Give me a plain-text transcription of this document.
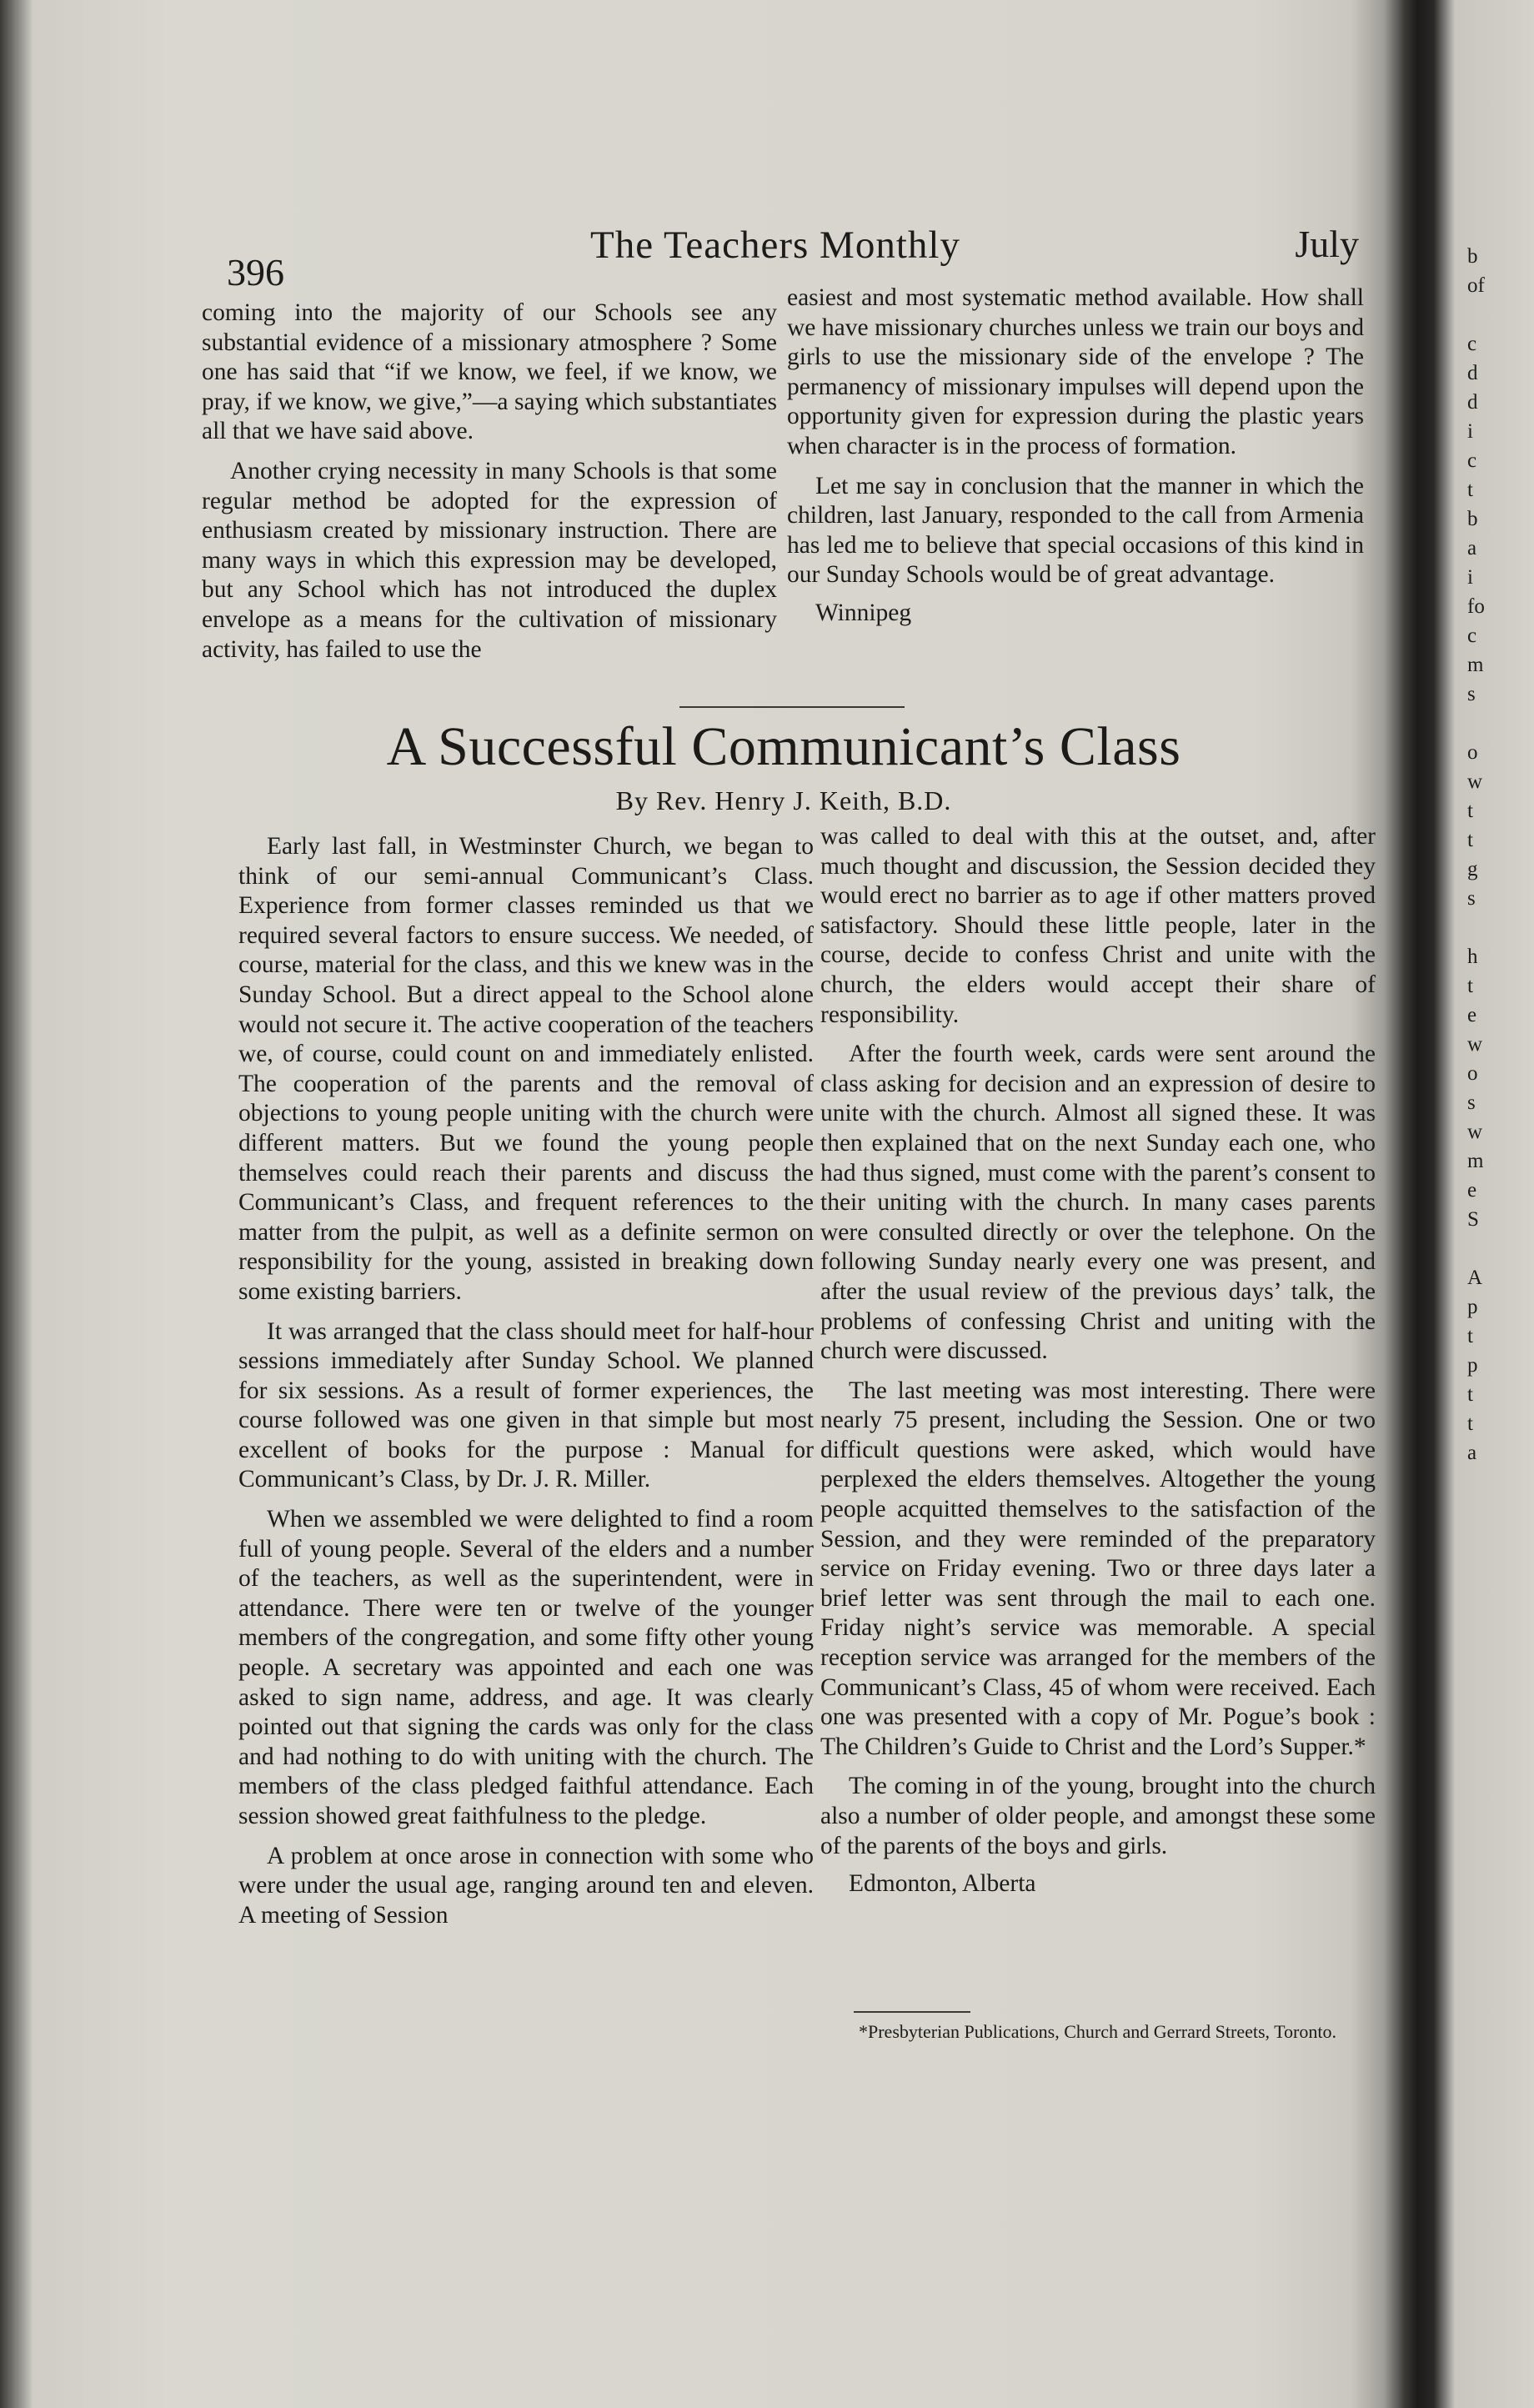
396
The Teachers Monthly	July

coming into the majority of our Schools see any substantial evidence of a missionary atmosphere ? Some one has said that “if we know, we feel, if we know, we pray, if we know, we give,”—a saying which substantiates all that we have said above.

Another crying necessity in many Schools is that some regular method be adopted for the expression of enthusiasm created by missionary instruction. There are many ways in which this expression may be developed, but any School which has not introduced the duplex envelope as a means for the cultivation of missionary activity, has failed to use the

easiest and most systematic method available. How shall we have missionary churches unless we train our boys and girls to use the missionary side of the envelope ? The permanency of missionary impulses will depend upon the opportunity given for expression during the plastic years when character is in the process of formation.

Let me say in conclusion that the manner in which the children, last January, responded to the call from Armenia has led me to believe that special occasions of this kind in our Sunday Schools would be of great advantage.

Winnipeg

A Successful Communicant’s Class
By Rev. Henry J. Keith, B.D.

Early last fall, in Westminster Church, we began to think of our semi-annual Communicant’s Class. Experience from former classes reminded us that we required several factors to ensure success. We needed, of course, material for the class, and this we knew was in the Sunday School. But a direct appeal to the School alone would not secure it. The active cooperation of the teachers we, of course, could count on and immediately enlisted. The cooperation of the parents and the removal of objections to young people uniting with the church were different matters. But we found the young people themselves could reach their parents and discuss the Communicant’s Class, and frequent references to the matter from the pulpit, as well as a definite sermon on responsibility for the young, assisted in breaking down some existing barriers.

It was arranged that the class should meet for half-hour sessions immediately after Sunday School. We planned for six sessions. As a result of former experiences, the course followed was one given in that simple but most excellent of books for the purpose : Manual for Communicant’s Class, by Dr. J. R. Miller.

When we assembled we were delighted to find a room full of young people. Several of the elders and a number of the teachers, as well as the superintendent, were in attendance. There were ten or twelve of the younger members of the congregation, and some fifty other young people. A secretary was appointed and each one was asked to sign name, address, and age. It was clearly pointed out that signing the cards was only for the class and had nothing to do with uniting with the church. The members of the class pledged faithful attendance. Each session showed great faithfulness to the pledge.

A problem at once arose in connection with some who were under the usual age, ranging around ten and eleven. A meeting of Session

was called to deal with this at the outset, and, after much thought and discussion, the Session decided they would erect no barrier as to age if other matters proved satisfactory. Should these little people, later in the course, decide to confess Christ and unite with the church, the elders would accept their share of responsibility.

After the fourth week, cards were sent around the class asking for decision and an expression of desire to unite with the church. Almost all signed these. It was then explained that on the next Sunday each one, who had thus signed, must come with the parent’s consent to their uniting with the church. In many cases parents were consulted directly or over the telephone. On the following Sunday nearly every one was present, and after the usual review of the previous days’ talk, the problems of confessing Christ and uniting with the church were discussed.

The last meeting was most interesting. There were nearly 75 present, including the Session. One or two difficult questions were asked, which would have perplexed the elders themselves. Altogether the young people acquitted themselves to the satisfaction of the Session, and they were reminded of the preparatory service on Friday evening. Two or three days later a brief letter was sent through the mail to each one. Friday night’s service was memorable. A special reception service was arranged for the members of the Communicant’s Class, 45 of whom were received. Each one was presented with a copy of Mr. Pogue’s book : The Children’s Guide to Christ and the Lord’s Supper.*

The coming in of the young, brought into the church also a number of older people, and amongst these some of the parents of the boys and girls.

Edmonton, Alberta

*Presbyterian Publications, Church and Gerrard Streets, Toronto.
b
of

c
d
d
i
c
t
b
a
i
fo
c
m
s

o
w
t
t
g
s

h
t
e
w
o
s
w
m
e
S

A
p
t
p
t
t
a
